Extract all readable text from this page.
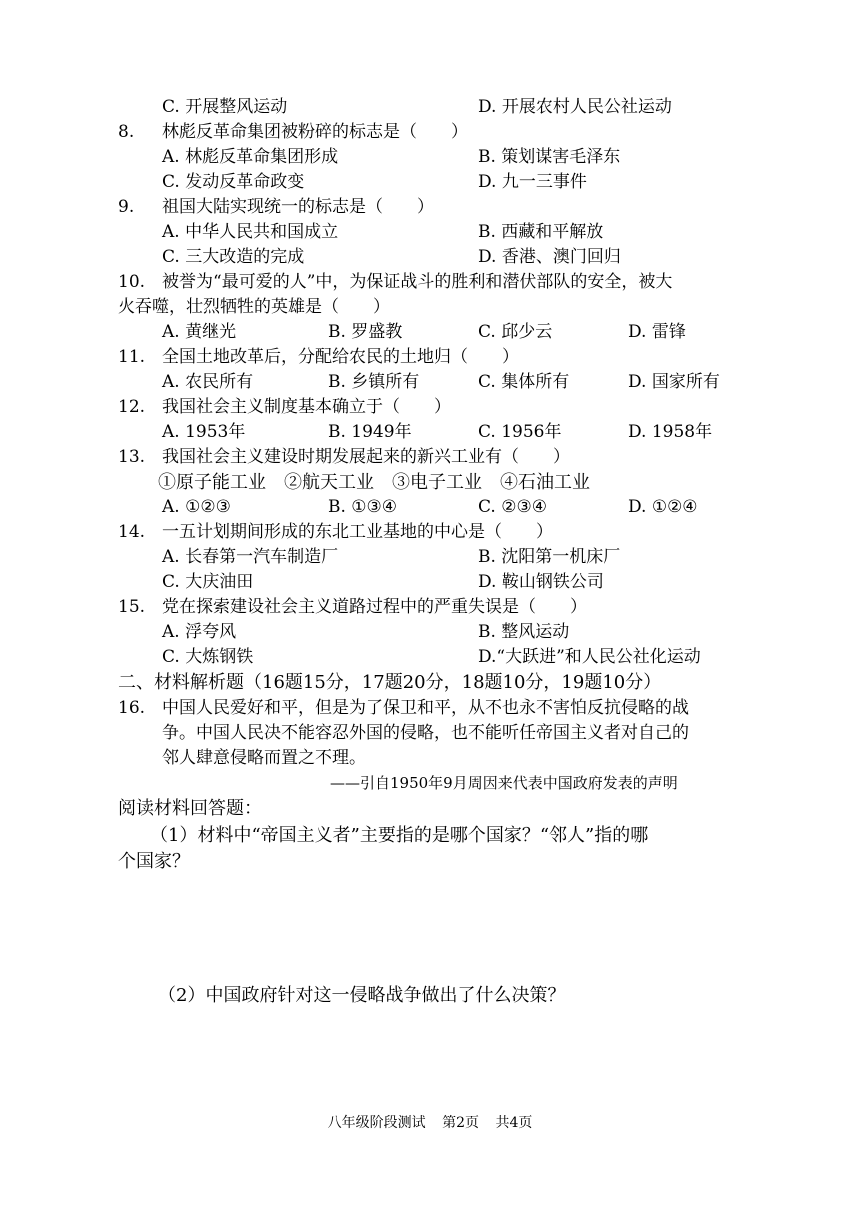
C. 开展整风运动	D. 开展农村人民公社运动
8. 林彪反革命集团被粉碎的标志是（　　）
A. 林彪反革命集团形成	B. 策划谋害毛泽东
C. 发动反革命政变	D. 九一三事件
9. 祖国大陆实现统一的标志是（　　）
A. 中华人民共和国成立	B. 西藏和平解放
C. 三大改造的完成	D. 香港、澳门回归
10. 被誉为“最可爱的人”中，为保证战斗的胜利和潜伏部队的安全，被大
火吞噬，壮烈牺牲的英雄是（　　）
A. 黄继光	B. 罗盛教	C. 邱少云	D. 雷锋
11. 全国土地改革后，分配给农民的土地归（　　）
A. 农民所有	B. 乡镇所有	C. 集体所有	D. 国家所有
12. 我国社会主义制度基本确立于（　　）
A. 1953年	B. 1949年	C. 1956年	D. 1958年
13. 我国社会主义建设时期发展起来的新兴工业有（　　）
①原子能工业　②航天工业　③电子工业　④石油工业
A. ①②③	B. ①③④	C. ②③④	D. ①②④
14. 一五计划期间形成的东北工业基地的中心是（　　）
A. 长春第一汽车制造厂	B. 沈阳第一机床厂
C. 大庆油田	D. 鞍山钢铁公司
15. 党在探索建设社会主义道路过程中的严重失误是（　　）
A. 浮夸风	B. 整风运动
C. 大炼钢铁	D.“大跃进”和人民公社化运动
二、材料解析题（16题15分，17题20分，18题10分，19题10分）
16. 中国人民爱好和平，但是为了保卫和平，从不也永不害怕反抗侵略的战
争。中国人民决不能容忍外国的侵略，也不能听任帝国主义者对自己的
邻人肆意侵略而置之不理。
——引自1950年9月周因来代表中国政府发表的声明
阅读材料回答题：
（1）材料中“帝国主义者”主要指的是哪个国家？“邻人”指的哪
个国家？
（2）中国政府针对这一侵略战争做出了什么决策？
八年级阶段测试 第2页 共4页
